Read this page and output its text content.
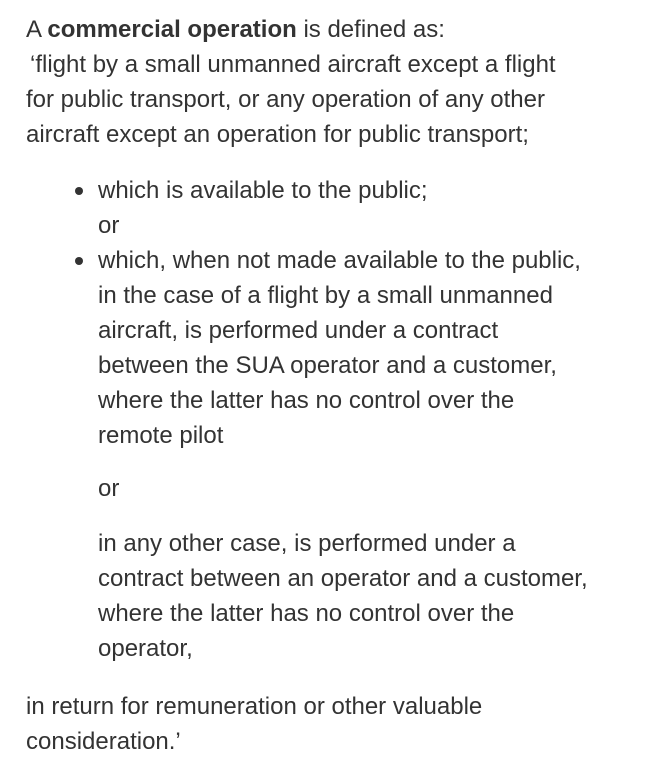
A commercial operation is defined as:

‘flight by a small unmanned aircraft except a flight

for public transport, or any operation of any other

aircraft except an operation for public transport;

which is available to the public;
or
which, when not made available to the public,
in the case of a flight by a small unmanned
aircraft, is performed under a contract
between the SUA operator and a customer,
where the latter has no control over the
remote pilot
or
in any other case, is performed under a
contract between an operator and a customer,
where the latter has no control over the
operator,
in return for remuneration or other valuable
consideration.’
